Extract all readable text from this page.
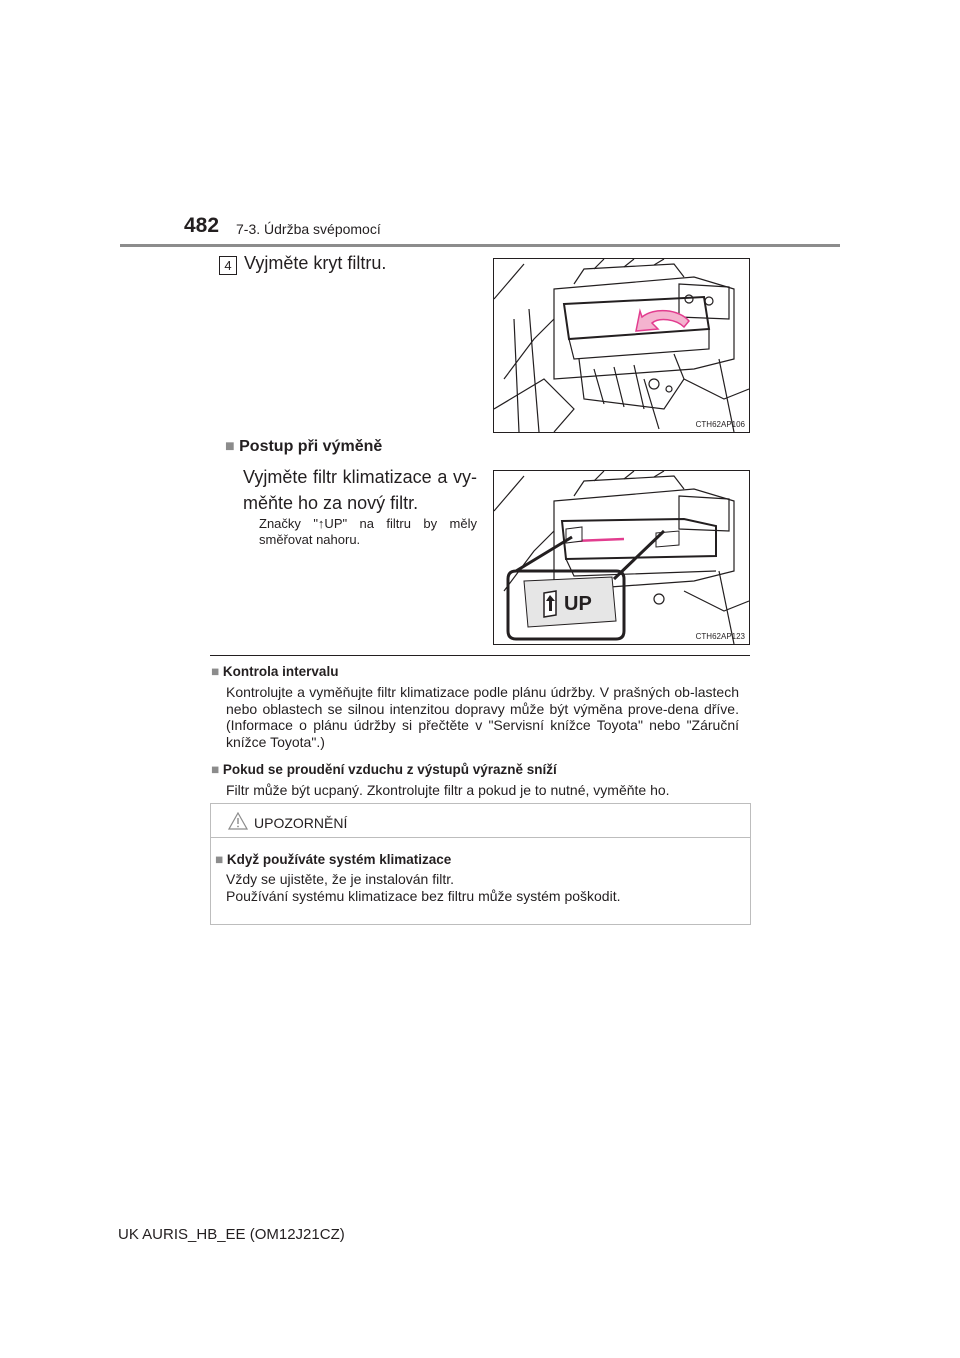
482 7-3. Údržba svépomocí
4 Vyjměte kryt filtru.
CTH62AP106
■ Postup při výměně
Vyjměte filtr klimatizace a vy-měňte ho za nový filtr.
Značky "↑UP" na filtru by měly směřovat nahoru.
UP
CTH62AP123
■ Kontrola intervalu
Kontrolujte a vyměňujte filtr klimatizace podle plánu údržby. V prašných ob-lastech nebo oblastech se silnou intenzitou dopravy může být výměna prove-dena dříve. (Informace o plánu údržby si přečtěte v "Servisní knížce Toyota" nebo "Záruční knížce Toyota".)
■ Pokud se proudění vzduchu z výstupů výrazně sníží
Filtr může být ucpaný. Zkontrolujte filtr a pokud je to nutné, vyměňte ho.
UPOZORNĚNÍ
■ Když používáte systém klimatizace
Vždy se ujistěte, že je instalován filtr.
Používání systému klimatizace bez filtru může systém poškodit.
UK AURIS_HB_EE (OM12J21CZ)
